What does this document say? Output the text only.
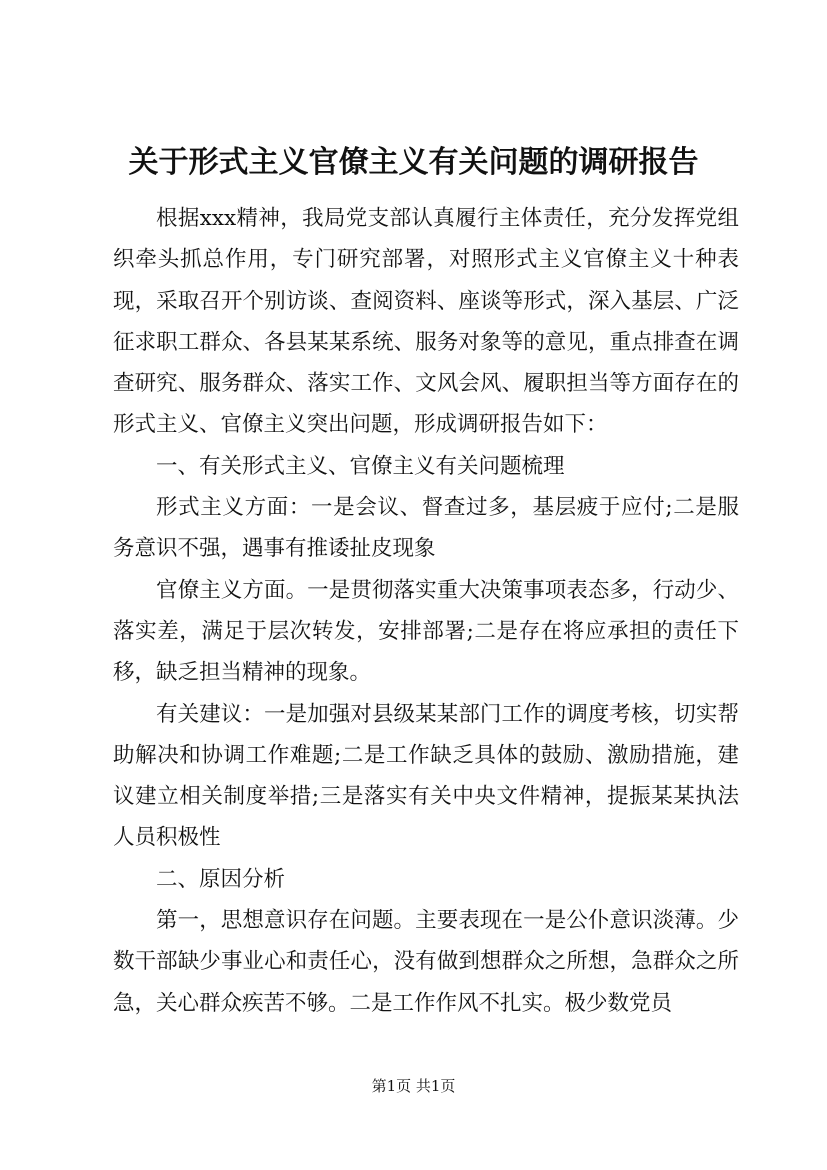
关于形式主义官僚主义有关问题的调研报告

根据xxx精神，我局党支部认真履行主体责任，充分发挥党组织牵头抓总作用，专门研究部署，对照形式主义官僚主义十种表现，采取召开个别访谈、查阅资料、座谈等形式，深入基层、广泛征求职工群众、各县某某系统、服务对象等的意见，重点排查在调查研究、服务群众、落实工作、文风会风、履职担当等方面存在的形式主义、官僚主义突出问题，形成调研报告如下：

一、有关形式主义、官僚主义有关问题梳理

形式主义方面：一是会议、督查过多，基层疲于应付;二是服务意识不强，遇事有推诿扯皮现象

官僚主义方面。一是贯彻落实重大决策事项表态多，行动少、落实差，满足于层次转发，安排部署;二是存在将应承担的责任下移，缺乏担当精神的现象。

有关建议：一是加强对县级某某部门工作的调度考核，切实帮助解决和协调工作难题;二是工作缺乏具体的鼓励、激励措施，建议建立相关制度举措;三是落实有关中央文件精神，提振某某执法人员积极性

二、原因分析

第一，思想意识存在问题。主要表现在一是公仆意识淡薄。少数干部缺少事业心和责任心，没有做到想群众之所想，急群众之所急，关心群众疾苦不够。二是工作作风不扎实。极少数党员

第1页 共1页
